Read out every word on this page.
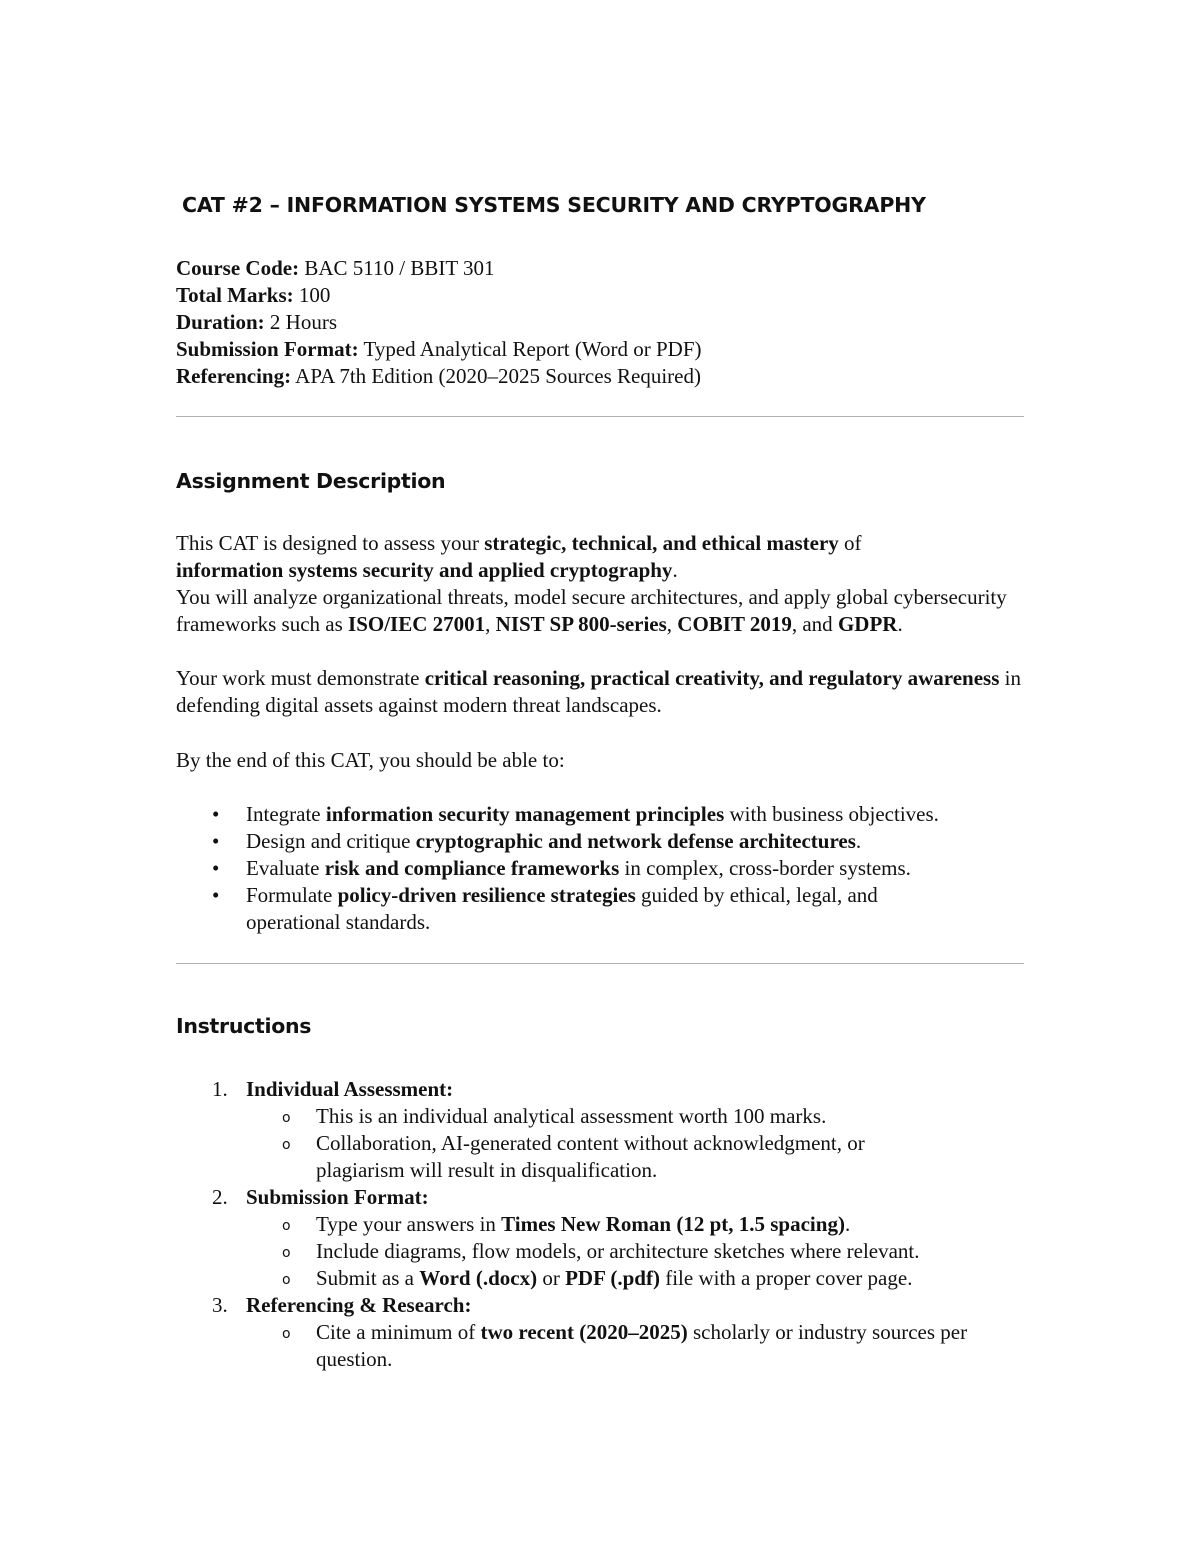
CAT #2 – INFORMATION SYSTEMS SECURITY AND CRYPTOGRAPHY
Course Code: BAC 5110 / BBIT 301
Total Marks: 100
Duration: 2 Hours
Submission Format: Typed Analytical Report (Word or PDF)
Referencing: APA 7th Edition (2020–2025 Sources Required)
Assignment Description

This CAT is designed to assess your strategic, technical, and ethical mastery of information systems security and applied cryptography.

You will analyze organizational threats, model secure architectures, and apply global cybersecurity frameworks such as ISO/IEC 27001, NIST SP 800-series, COBIT 2019, and GDPR.

Your work must demonstrate critical reasoning, practical creativity, and regulatory awareness in defending digital assets against modern threat landscapes.

By the end of this CAT, you should be able to:
• Integrate information security management principles with business objectives.
• Design and critique cryptographic and network defense architectures.
• Evaluate risk and compliance frameworks in complex, cross-border systems.
• Formulate policy-driven resilience strategies guided by ethical, legal, and operational standards.
Instructions
1. Individual Assessment:
o This is an individual analytical assessment worth 100 marks.
o Collaboration, AI-generated content without acknowledgment, or plagiarism will result in disqualification.
2. Submission Format:
o Type your answers in Times New Roman (12 pt, 1.5 spacing).
o Include diagrams, flow models, or architecture sketches where relevant.
o Submit as a Word (.docx) or PDF (.pdf) file with a proper cover page.
3. Referencing & Research:
o Cite a minimum of two recent (2020–2025) scholarly or industry sources per question.
